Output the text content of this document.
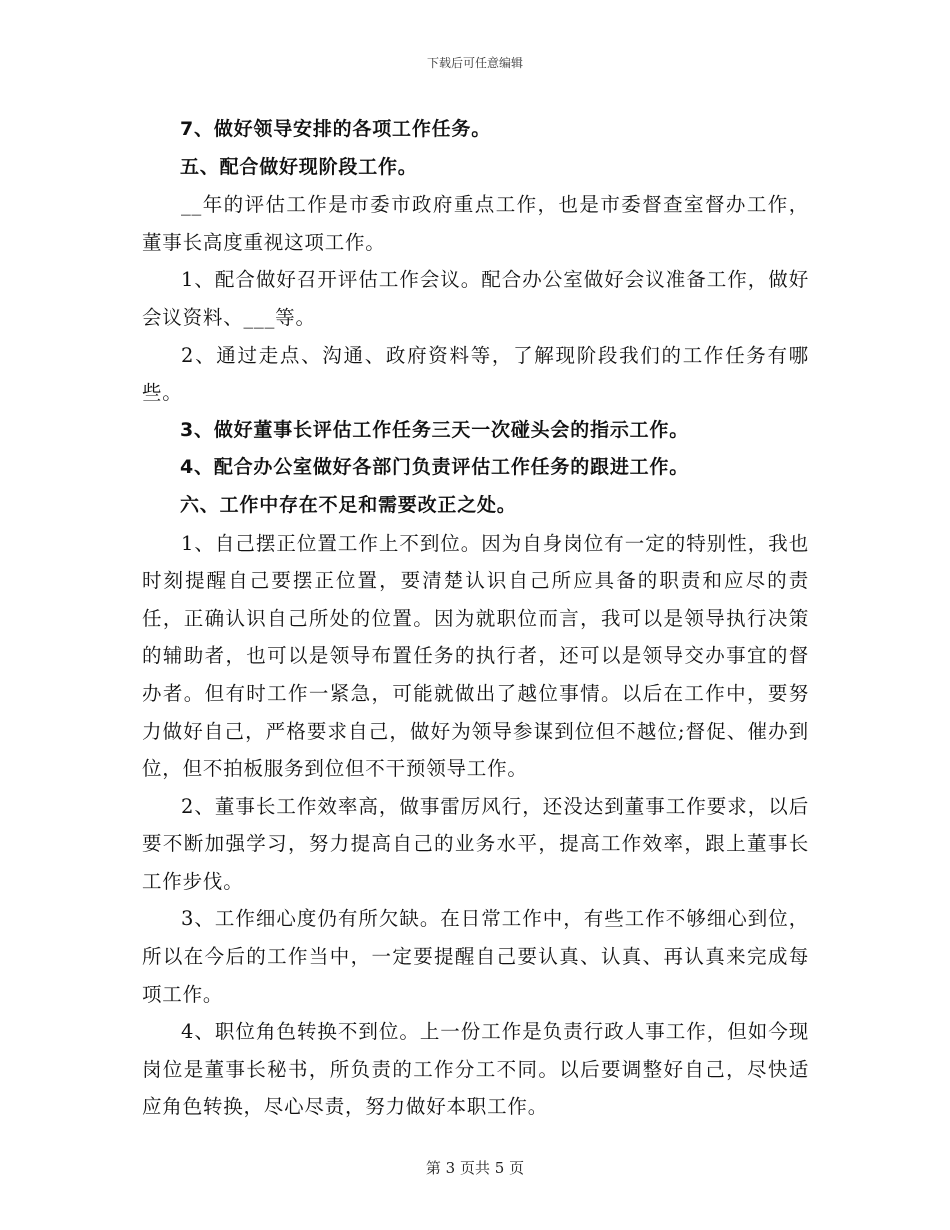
下载后可任意编辑

7、做好领导安排的各项工作任务。

五、配合做好现阶段工作。

__年的评估工作是市委市政府重点工作，也是市委督查室督办工作，董事长高度重视这项工作。

1、配合做好召开评估工作会议。配合办公室做好会议准备工作，做好会议资料、___等。

2、通过走点、沟通、政府资料等，了解现阶段我们的工作任务有哪些。

3、做好董事长评估工作任务三天一次碰头会的指示工作。

4、配合办公室做好各部门负责评估工作任务的跟进工作。

六、工作中存在不足和需要改正之处。

1、自己摆正位置工作上不到位。因为自身岗位有一定的特别性，我也时刻提醒自己要摆正位置，要清楚认识自己所应具备的职责和应尽的责任，正确认识自己所处的位置。因为就职位而言，我可以是领导执行决策的辅助者，也可以是领导布置任务的执行者，还可以是领导交办事宜的督办者。但有时工作一紧急，可能就做出了越位事情。以后在工作中，要努力做好自己，严格要求自己，做好为领导参谋到位但不越位;督促、催办到位，但不拍板服务到位但不干预领导工作。

2、董事长工作效率高，做事雷厉风行，还没达到董事工作要求，以后要不断加强学习，努力提高自己的业务水平，提高工作效率，跟上董事长工作步伐。

3、工作细心度仍有所欠缺。在日常工作中，有些工作不够细心到位，所以在今后的工作当中，一定要提醒自己要认真、认真、再认真来完成每项工作。

4、职位角色转换不到位。上一份工作是负责行政人事工作，但如今现岗位是董事长秘书，所负责的工作分工不同。以后要调整好自己，尽快适应角色转换，尽心尽责，努力做好本职工作。

第 3 页共 5 页
